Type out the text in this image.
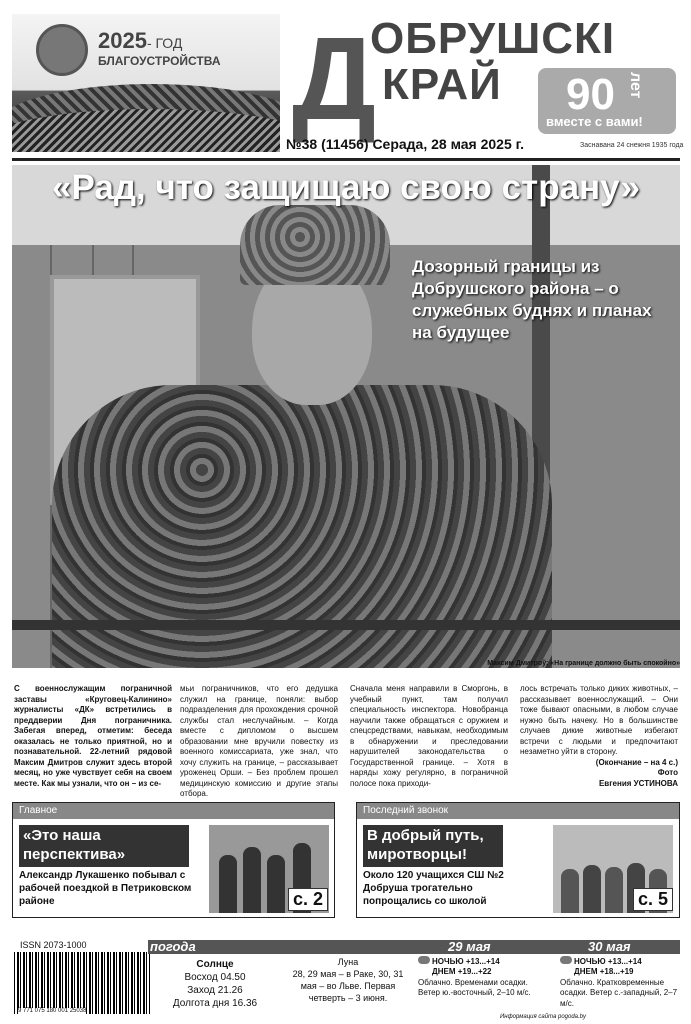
2025- ГОД
БЛАГОУСТРОЙСТВА Д
ОБРУШСКІ
КРАЙ 90 лет
вместе с вами!
№38 (11456) Серада, 28 мая 2025 г.	Заснавана 24 снежня 1935 года
«Рад, что защищаю свою страну»
Дозорный границы из Добрушского района – о служебных буднях и планах на будущее
Максим Дмитроў: «На границе должно быть спокойно»

С военнослужащим пограничной заставы «Круговец-Калинино» журналисты «ДК» встретились в преддверии Дня пограничника. Забегая вперед, отметим: беседа оказалась не только приятной, но и познавательной. 22-летний рядовой Максим Дмитров служит здесь второй месяц, но уже чувствует себя на своем месте. Как мы узнали, что он – из се-

мьи пограничников, что его дедушка служил на границе, поняли: выбор подразделения для прохождения срочной службы стал неслучайным. – Когда вместе с дипломом о высшем образовании мне вручили повестку из военного комиссариата, уже знал, что хочу служить на границе, – рассказывает уроженец Орши. – Без проблем прошел медицинскую комиссию и другие этапы отбора.

Сначала меня направили в Сморгонь, в учебный пункт, там получил специальность инспектора. Новобранца научили также обращаться с оружием и спецсредствами, навыкам, необходимым в обнаружении и преследовании нарушителей законодательства о Государственной границе. – Хотя в наряды хожу регулярно, в пограничной полосе пока приходи-

лось встречать только диких животных, – рассказывает военнослужащий. – Они тоже бывают опасными, в любом случае нужно быть начеку. Но в большинстве случаев дикие животные избегают встречи с людьми и предпочитают незаметно уйти в сторону.

(Окончание – на 4 с.)

Фото

Евгения УСТИНОВА

Главное
«Это наша перспектива»
Александр Лукашенко побывал с рабочей поездкой в Петриковском районе	с. 2
Последний звонок
В добрый путь, миротворцы!
Около 120 учащихся СШ №2 Добруша трогательно попрощались со школой	с. 5
ISSN 2073-1000
9 771 075 180 001 25038
погода	29 мая	30 мая
Солнце
Восход 04.50
Заход 21.26
Долгота дня 16.36
Луна
28, 29 мая – в Раке, 30, 31 мая – во Льве. Первая четверть – 3 июня.
НОЧЬЮ +13...+14
ДНЕМ +19...+22
Облачно. Временами осадки. Ветер ю.-восточный, 2–10 м/с.
НОЧЬЮ +13...+14
ДНЕМ +18...+19
Облачно. Кратковременные осадки. Ветер с.-западный, 2–7 м/с.
Информация сайта pogoda.by
